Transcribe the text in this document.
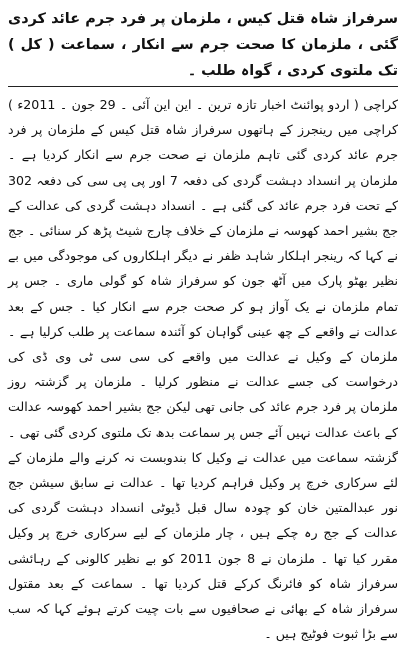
سرفراز شاہ قتل کیس ، ملزمان پر فرد جرم عائد کردی گئی ، ملزمان کا صحت جرم سے انکار ، سماعت ( کل ) تک ملتوی کردی ، گواہ طلب ۔

کراچی ( اردو پوائنٹ اخبار تازہ ترین ۔ این این آئی ۔ 29 جون ۔ 2011ء ) کراچی میں رینجرز کے ہاتھوں سرفراز شاہ قتل کیس کے ملزمان پر فرد جرم عائد کردی گئی تاہم ملزمان نے صحت جرم سے انکار کردیا ہے ۔ ملزمان پر انسداد دہشت گردی کی دفعہ 7 اور پی پی سی کی دفعہ 302 کے تحت فرد جرم عائد کی گئی ہے ۔ انسداد دہشت گردی کی عدالت کے جج بشیر احمد کھوسہ نے ملزمان کے خلاف چارج شیٹ پڑھ کر سنائی ۔ جج نے کہا کہ رینجر اہلکار شاہد ظفر نے دیگر اہلکاروں کی موجودگی میں بے نظیر بھٹو پارک میں آٹھ جون کو سرفراز شاہ کو گولی ماری ۔ جس پر تمام ملزمان نے یک آواز ہو کر صحت جرم سے انکار کیا ۔ جس کے بعد عدالت نے واقعے کے چھ عینی گواہان کو آئندہ سماعت پر طلب کرلیا ہے ۔ ملزمان کے وکیل نے عدالت میں واقعے کی سی سی ٹی وی ڈی کی درخواست کی جسے عدالت نے منظور کرلیا ۔ ملزمان پر گزشتہ روز ملزمان پر فرد جرم عائد کی جانی تھی لیکن جج بشیر احمد کھوسہ عدالت کے باعث عدالت نہیں آئے جس پر سماعت بدھ تک ملتوی کردی گئی تھی ۔ گزشتہ سماعت میں عدالت نے وکیل کا بندوبست نہ کرنے والے ملزمان کے لئے سرکاری خرچ پر وکیل فراہم کردیا تھا ۔ عدالت نے سابق سیشن جج نور عبدالمتین خان کو چودہ سال قبل ڈیوٹی انسداد دہشت گردی کی عدالت کے جج رہ چکے ہیں ، چار ملزمان کے لیے سرکاری خرچ پر وکیل مقرر کیا تھا ۔ ملزمان نے 8 جون 2011 کو بے نظیر کالونی کے رہائشی سرفراز شاہ کو فائرنگ کرکے قتل کردیا تھا ۔ سماعت کے بعد مقتول سرفراز شاہ کے بھائی نے صحافیوں سے بات چیت کرتے ہوئے کہا کہ سب سے بڑا ثبوت فوٹیج ہیں ۔
